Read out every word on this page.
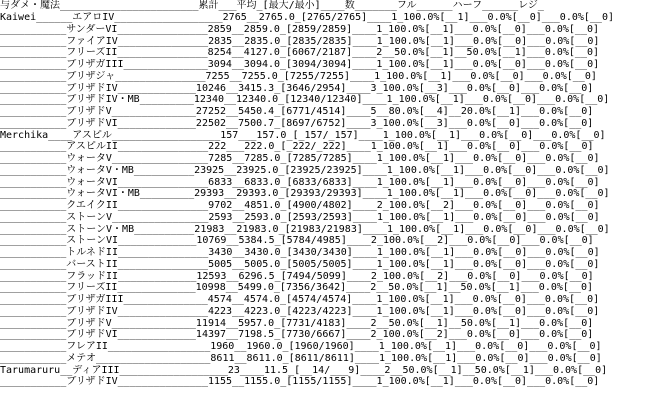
与ダメ・魔法_______________________累計___平均_[最大/最小]____数_______フル______ハーフ______レジ_
Kaiwei______エアロIV__________________2765__2765.0_[2765/2765]____1_100.0%[__1]___0.0%[__0]___0.0%[__0]
___________サンダーVI_______________2859__2859.0_[2859/2859]____1_100.0%[__1]___0.0%[__0]___0.0%[__0]
___________ファイアIV_______________2835__2835.0_[2835/2835]____1_100.0%[__1]___0.0%[__0]___0.0%[__0]
___________フリーズII_______________8254__4127.0_[6067/2187]____2__50.0%[__1]__50.0%[__1]___0.0%[__0]
___________ブリザガIII______________3094__3094.0_[3094/3094]____1_100.0%[__1]___0.0%[__0]___0.0%[__0]
___________ブリザジャ_______________7255__7255.0_[7255/7255]____1_100.0%[__1]___0.0%[__0]___0.0%[__0]
___________ブリザドIV_____________10246__3415.3_[3646/2954]____3_100.0%[__3]___0.0%[__0]___0.0%[__0]
___________ブリザドIV・MB_________12340__12340.0_[12340/12340]____1_100.0%[__1]___0.0%[__0]___0.0%[__0]
___________ブリザドV______________27252__5450.4_[6771/4514]____5__80.0%[__4]__20.0%[__1]___0.0%[__0]
___________ブリザドVI_____________22502__7500.7_[8697/6752]____3_100.0%[__3]___0.0%[__0]___0.0%[__0]
Merchika____アスピル__________________157___157.0_[_157/_157]____1_100.0%[__1]___0.0%[__0]___0.0%[__0]
___________アスピルII_______________222___222.0_[_222/_222]____1_100.0%[__1]___0.0%[__0]___0.0%[__0]
___________ウォータV________________7285__7285.0_[7285/7285]____1_100.0%[__1]___0.0%[__0]___0.0%[__0]
___________ウォータV・MB__________23925__23925.0_[23925/23925]____1_100.0%[__1]___0.0%[__0]___0.0%[__0]
___________ウォータVI_______________6833__6833.0_[6833/6833]____1_100.0%[__1]___0.0%[__0]___0.0%[__0]
___________ウォータVI・MB_________29393__29393.0_[29393/29393]____1_100.0%[__1]___0.0%[__0]___0.0%[__0]
___________クエイクII_______________9702__4851.0_[4900/4802]____2_100.0%[__2]___0.0%[__0]___0.0%[__0]
___________ストーンV________________2593__2593.0_[2593/2593]____1_100.0%[__1]___0.0%[__0]___0.0%[__0]
___________ストーンV・MB__________21983__21983.0_[21983/21983]____1_100.0%[__1]___0.0%[__0]___0.0%[__0]
___________ストーンVI_____________10769__5384.5_[5784/4985]____2_100.0%[__2]___0.0%[__0]___0.0%[__0]
___________トルネドII_______________3430__3430.0_[3430/3430]____1_100.0%[__1]___0.0%[__0]___0.0%[__0]
___________バーストII_______________5005__5005.0_[5005/5005]____1_100.0%[__1]___0.0%[__0]___0.0%[__0]
___________フラッドII_____________12593__6296.5_[7494/5099]____2_100.0%[__2]___0.0%[__0]___0.0%[__0]
___________フリーズII_____________10998__5499.0_[7356/3642]____2__50.0%[__1]__50.0%[__1]___0.0%[__0]
___________ブリザガIII______________4574__4574.0_[4574/4574]____1_100.0%[__1]___0.0%[__0]___0.0%[__0]
___________ブリザドIV_______________4223__4223.0_[4223/4223]____1_100.0%[__1]___0.0%[__0]___0.0%[__0]
___________ブリザドV______________11914__5957.0_[7731/4183]____2__50.0%[__1]__50.0%[__1]___0.0%[__0]
___________ブリザドVI_____________14397__7198.5_[7730/6667]____2_100.0%[__2]___0.0%[__0]___0.0%[__0]
___________フレアII_________________1960__1960.0_[1960/1960]____1_100.0%[__1]___0.0%[__0]___0.0%[__0]
___________メテオ___________________8611__8611.0_[8611/8611]____1_100.0%[__1]___0.0%[__0]___0.0%[__0]
Tarumaruru__ディアIII__________________23____11.5_[__14/___9]____2__50.0%[__1]__50.0%[__1]___0.0%[__0]
___________ブリザドIV_______________1155__1155.0_[1155/1155]____1_100.0%[__1]___0.0%[__0]___0.0%[__0]
